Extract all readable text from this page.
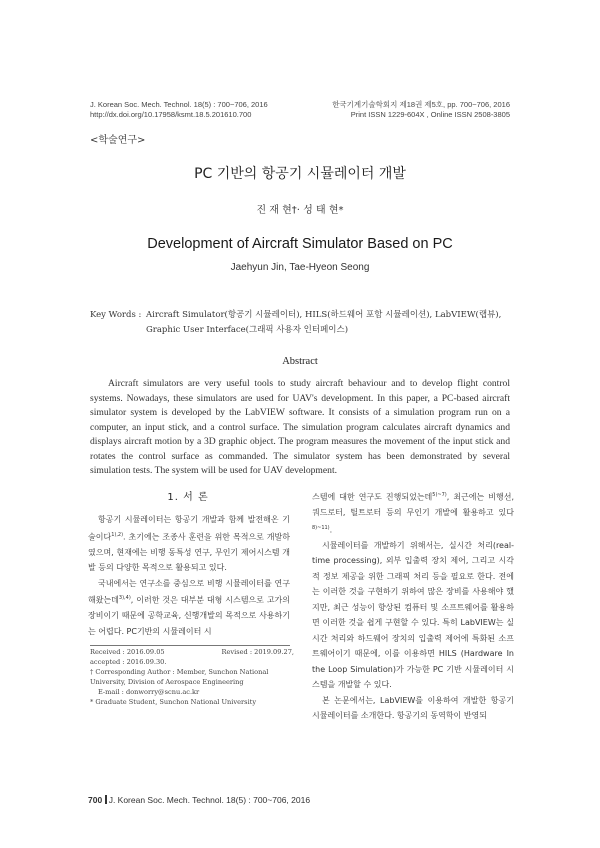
J. Korean Soc. Mech. Technol. 18(5) : 700~706, 2016
http://dx.doi.org/10.17958/ksmt.18.5.201610.700
한국기계기술학회지 제18권 제5호, pp. 700~706, 2016
Print ISSN 1229-604X , Online ISSN 2508-3805
<학술연구>
PC 기반의 항공기 시뮬레이터 개발
진 재 현†· 성 태 현*
Development of Aircraft Simulator Based on PC
Jaehyun Jin, Tae-Hyeon Seong
Key Words : Aircraft Simulator(항공기 시뮬레이터), HILS(하드웨어 포함 시뮬레이션), LabVIEW(랩뷰), Graphic User Interface(그래픽 사용자 인터페이스)
Abstract

Aircraft simulators are very useful tools to study aircraft behaviour and to develop flight control systems. Nowadays, these simulators are used for UAV's development. In this paper, a PC-based aircraft simulator system is developed by the LabVIEW software. It consists of a simulation program run on a computer, an input stick, and a control surface. The simulation program calculates aircraft dynamics and displays aircraft motion by a 3D graphic object. The program measures the movement of the input stick and rotates the control surface as commanded. The simulator system has been demonstrated by several simulation tests. The system will be used for UAV development.

1. 서 론

항공기 시뮬레이터는 항공기 개발과 함께 발전해온 기술이다$^{1),2)}$. 초기에는 조종사 훈련을 위한 목적으로 개발하였으며, 현재에는 비행 동특성 연구, 무인기 제어시스템 개발 등의 다양한 목적으로 활용되고 있다.

국내에서는 연구소를 중심으로 비행 시뮬레이터를 연구해왔는데$^{3),4)}$, 이러한 것은 대부분 대형 시스템으로 고가의 장비이기 때문에 공학교육, 신행개발의 목적으로 사용하기는 어렵다. PC기반의 시뮬레이터 시

Received : 2016.09.05	Revised : 2019.09.27,
accepted : 2016.09.30.
† Corresponding Author : Member, Sunchon National University, Division of Aerospace Engineering
E-mail : donworry@scnu.ac.kr
* Graduate Student, Sunchon National University

스템에 대한 연구도 진행되었는데$^{5)\sim 7)}$, 최근에는 비행선, 쿼드로터, 틸트로터 등의 무인기 개발에 활용하고 있다$^{8)\sim 11)}$.

시뮬레이터를 개발하기 위해서는, 실시간 처리(real-time processing), 외부 입출력 장치 제어, 그리고 시각적 정보 제공을 위한 그래픽 처리 등을 필요로 한다. 전에는 이러한 것을 구현하기 위하여 많은 장비를 사용해야 했지만, 최근 성능이 향상된 컴퓨터 및 소프트웨어를 활용하면 이러한 것을 쉽게 구현할 수 있다. 특히 LabVIEW는 실시간 처리와 하드웨어 장치의 입출력 제어에 특화된 소프트웨어이기 때문에, 이를 이용하면 HILS (Hardware In the Loop Simulation)가 가능한 PC 기반 시뮬레이터 시스템을 개발할 수 있다.

본 논문에서는, LabVIEW를 이용하여 개발한 항공기 시뮬레이터를 소개한다. 항공기의 동역학이 반영되

700 J. Korean Soc. Mech. Technol. 18(5) : 700~706, 2016
